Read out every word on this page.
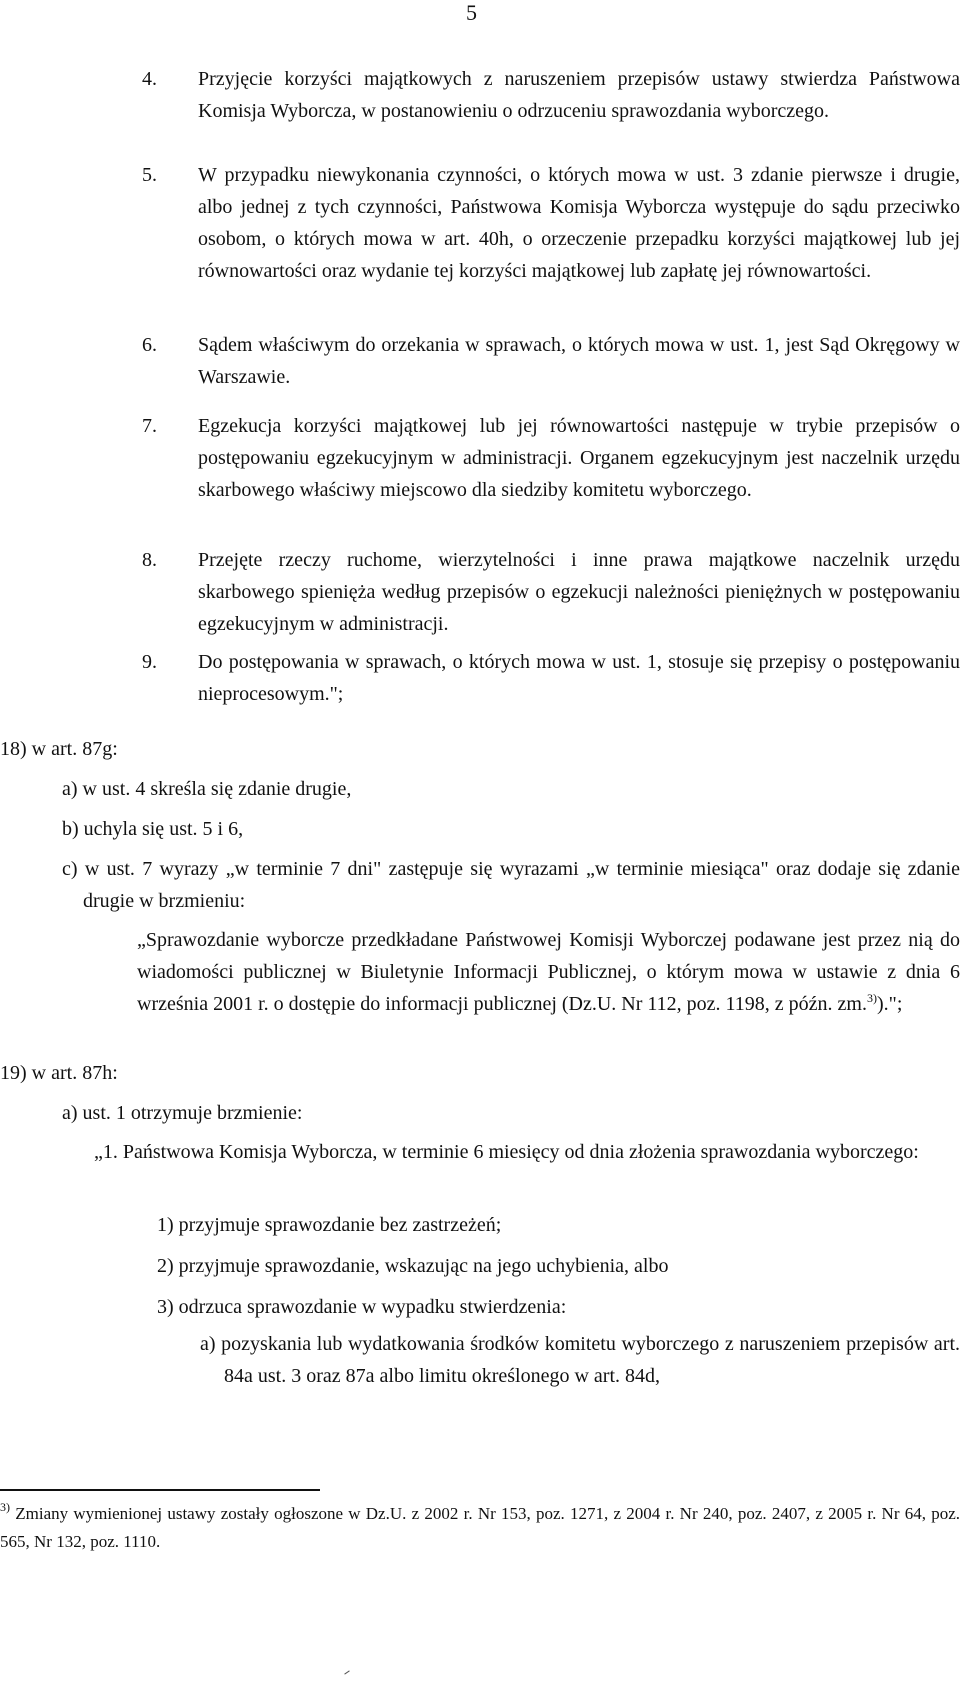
5
4. Przyjęcie korzyści majątkowych z naruszeniem przepisów ustawy stwierdza Państwowa Komisja Wyborcza, w postanowieniu o odrzuceniu sprawozdania wyborczego.
5. W przypadku niewykonania czynności, o których mowa w ust. 3 zdanie pierwsze i drugie, albo jednej z tych czynności, Państwowa Komisja Wyborcza występuje do sądu przeciwko osobom, o których mowa w art. 40h, o orzeczenie przepadku korzyści majątkowej lub jej równowartości oraz wydanie tej korzyści majątkowej lub zapłatę jej równowartości.
6. Sądem właściwym do orzekania w sprawach, o których mowa w ust. 1, jest Sąd Okręgowy w Warszawie.
7. Egzekucja korzyści majątkowej lub jej równowartości następuje w trybie przepisów o postępowaniu egzekucyjnym w administracji. Organem egzekucyjnym jest naczelnik urzędu skarbowego właściwy miejscowo dla siedziby komitetu wyborczego.
8. Przejęte rzeczy ruchome, wierzytelności i inne prawa majątkowe naczelnik urzędu skarbowego spienięża według przepisów o egzekucji należności pieniężnych w postępowaniu egzekucyjnym w administracji.
9. Do postępowania w sprawach, o których mowa w ust. 1, stosuje się przepisy o postępowaniu nieprocesowym.";
18) w art. 87g:
a) w ust. 4 skreśla się zdanie drugie,
b) uchyla się ust. 5 i 6,
c) w ust. 7 wyrazy „w terminie 7 dni" zastępuje się wyrazami „w terminie miesiąca" oraz dodaje się zdanie drugie w brzmieniu:
„Sprawozdanie wyborcze przedkładane Państwowej Komisji Wyborczej podawane jest przez nią do wiadomości publicznej w Biuletynie Informacji Publicznej, o którym mowa w ustawie z dnia 6 września 2001 r. o dostępie do informacji publicznej (Dz.U. Nr 112, poz. 1198, z późn. zm.$^{3)}$).";
19) w art. 87h:
a) ust. 1 otrzymuje brzmienie:
„1. Państwowa Komisja Wyborcza, w terminie 6 miesięcy od dnia złożenia sprawozdania wyborczego:
1) przyjmuje sprawozdanie bez zastrzeżeń;
2) przyjmuje sprawozdanie, wskazując na jego uchybienia, albo
3) odrzuca sprawozdanie w wypadku stwierdzenia:
a) pozyskania lub wydatkowania środków komitetu wyborczego z naruszeniem przepisów art. 84a ust. 3 oraz 87a albo limitu określonego w art. 84d,
$^{3)}$ Zmiany wymienionej ustawy zostały ogłoszone w Dz.U. z 2002 r. Nr 153, poz. 1271, z 2004 r. Nr 240, poz. 2407, z 2005 r. Nr 64, poz. 565, Nr 132, poz. 1110.
